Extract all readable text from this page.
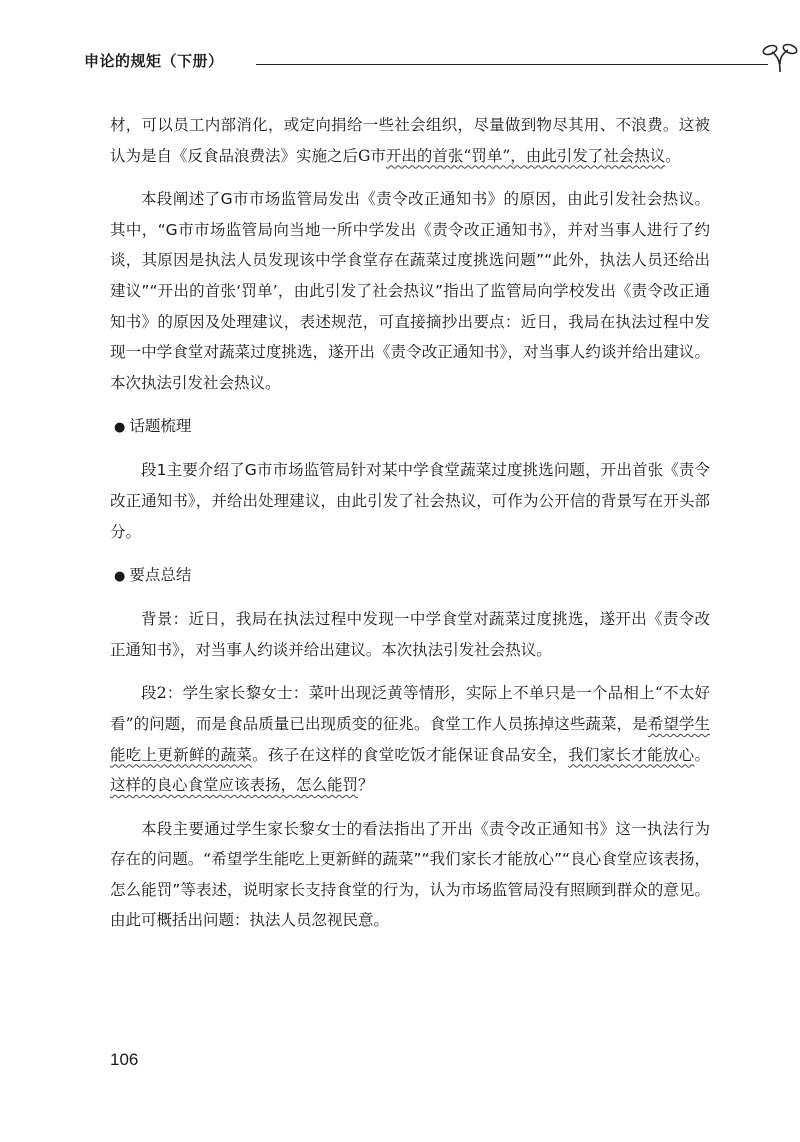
申论的规矩（下册）

材，可以员工内部消化，或定向捐给一些社会组织，尽量做到物尽其用、不浪费。这被认为是自《反食品浪费法》实施之后G市开出的首张“罚单”，由此引发了社会热议。

本段阐述了G市市场监管局发出《责令改正通知书》的原因，由此引发社会热议。其中，“G市市场监管局向当地一所中学发出《责令改正通知书》，并对当事人进行了约谈，其原因是执法人员发现该中学食堂存在蔬菜过度挑选问题”“此外，执法人员还给出建议”“开出的首张‘罚单’，由此引发了社会热议”指出了监管局向学校发出《责令改正通知书》的原因及处理建议，表述规范，可直接摘抄出要点：近日，我局在执法过程中发现一中学食堂对蔬菜过度挑选，遂开出《责令改正通知书》，对当事人约谈并给出建议。本次执法引发社会热议。

● 话题梳理

段1主要介绍了G市市场监管局针对某中学食堂蔬菜过度挑选问题，开出首张《责令改正通知书》，并给出处理建议，由此引发了社会热议，可作为公开信的背景写在开头部分。

● 要点总结

背景：近日，我局在执法过程中发现一中学食堂对蔬菜过度挑选，遂开出《责令改正通知书》，对当事人约谈并给出建议。本次执法引发社会热议。

段2：学生家长黎女士：菜叶出现泛黄等情形，实际上不单只是一个品相上“不太好看”的问题，而是食品质量已出现质变的征兆。食堂工作人员拣掉这些蔬菜，是希望学生能吃上更新鲜的蔬菜。孩子在这样的食堂吃饭才能保证食品安全，我们家长才能放心。这样的良心食堂应该表扬，怎么能罚？

本段主要通过学生家长黎女士的看法指出了开出《责令改正通知书》这一执法行为存在的问题。“希望学生能吃上更新鲜的蔬菜”“我们家长才能放心”“良心食堂应该表扬，怎么能罚”等表述，说明家长支持食堂的行为，认为市场监管局没有照顾到群众的意见。由此可概括出问题：执法人员忽视民意。

106
